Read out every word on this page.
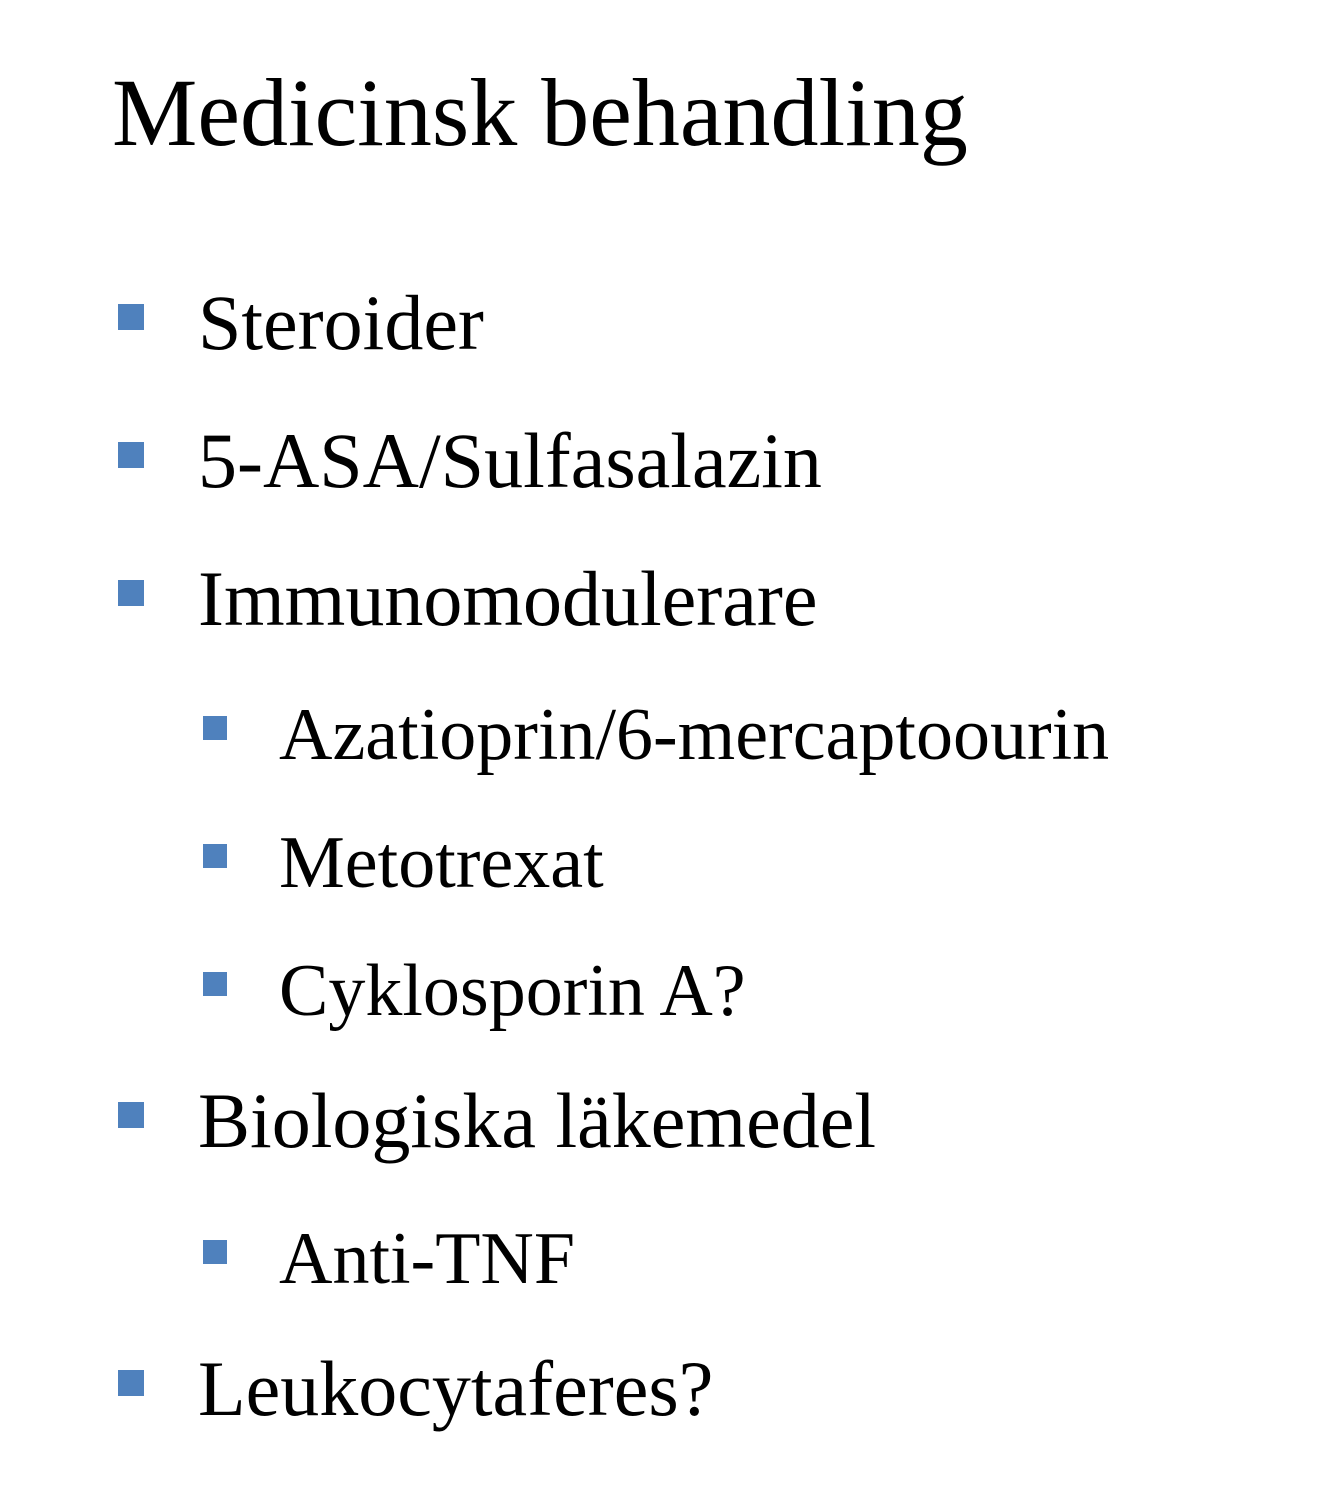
Medicinsk behandling
Steroider
5-ASA/Sulfasalazin
Immunomodulerare
Azatioprin/6-mercaptoourin
Metotrexat
Cyklosporin A?
Biologiska läkemedel
Anti-TNF
Leukocytaferes?
